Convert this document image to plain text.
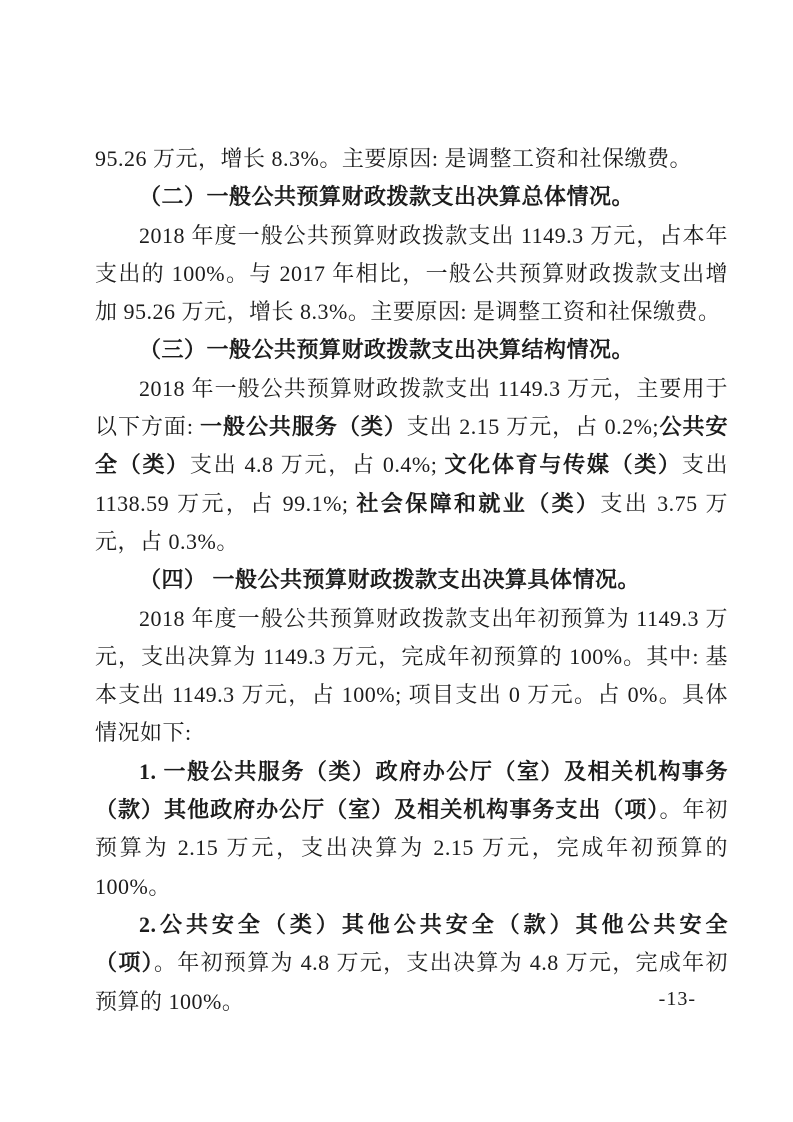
95.26 万元，增长 8.3%。主要原因: 是调整工资和社保缴费。

（二）一般公共预算财政拨款支出决算总体情况。

2018 年度一般公共预算财政拨款支出 1149.3 万元，占本年支出的 100%。与 2017 年相比，一般公共预算财政拨款支出增加 95.26 万元，增长 8.3%。主要原因: 是调整工资和社保缴费。

（三）一般公共预算财政拨款支出决算结构情况。

2018 年一般公共预算财政拨款支出 1149.3 万元，主要用于以下方面: 一般公共服务（类）支出 2.15 万元，占 0.2%;公共安全（类）支出 4.8 万元，占 0.4%; 文化体育与传媒（类）支出 1138.59 万元，占 99.1%; 社会保障和就业（类）支出 3.75 万元，占 0.3%。

（四） 一般公共预算财政拨款支出决算具体情况。

2018 年度一般公共预算财政拨款支出年初预算为 1149.3 万元，支出决算为 1149.3 万元，完成年初预算的 100%。其中: 基本支出 1149.3 万元，占 100%; 项目支出 0 万元。占 0%。具体情况如下:

1. 一般公共服务（类）政府办公厅（室）及相关机构事务（款）其他政府办公厅（室）及相关机构事务支出（项）。年初预算为 2.15 万元，支出决算为 2.15 万元，完成年初预算的 100%。

2.公共安全（类）其他公共安全（款）其他公共安全（项）。年初预算为 4.8 万元，支出决算为 4.8 万元，完成年初预算的 100%。	-13-
